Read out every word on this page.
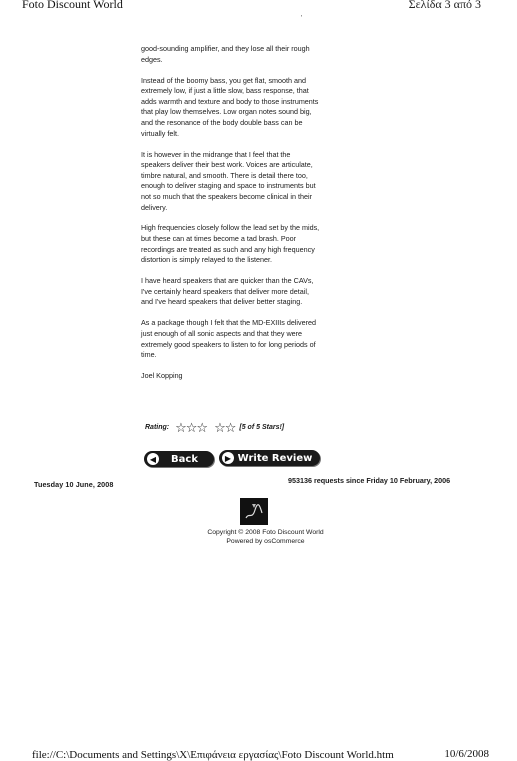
Foto Discount World	Σελίδα 3 από 3
'

good-sounding amplifier, and they lose all their rough edges.

Instead of the boomy bass, you get flat, smooth and extremely low, if just a little slow, bass response, that adds warmth and texture and body to those instruments that play low themselves. Low organ notes sound big, and the resonance of the body double bass can be virtually felt.

It is however in the midrange that I feel that the speakers deliver their best work. Voices are articulate, timbre natural, and smooth. There is detail there too, enough to deliver staging and space to instruments but not so much that the speakers become clinical in their delivery.

High frequencies closely follow the lead set by the mids, but these can at times become a tad brash. Poor recordings are treated as such and any high frequency distortion is simply relayed to the listener.

I have heard speakers that are quicker than the CAVs, I've certainly heard speakers that deliver more detail, and I've heard speakers that deliver better staging.

As a package though I felt that the MD-EXIIIs delivered just enough of all sonic aspects and that they were extremely good speakers to listen to for long periods of time.

Joel Kopping

Rating: ☆☆☆ ☆☆ [5 of 5 Stars!]
◀	Back	▶ Write Review
Tuesday 10 June, 2008	953136 requests since Friday 10 February, 2006
Copyright © 2008 Foto Discount World
Powered by osCommerce
file://C:\Documents and Settings\X\Επιφάνεια εργασίας\Foto Discount World.htm	10/6/2008
